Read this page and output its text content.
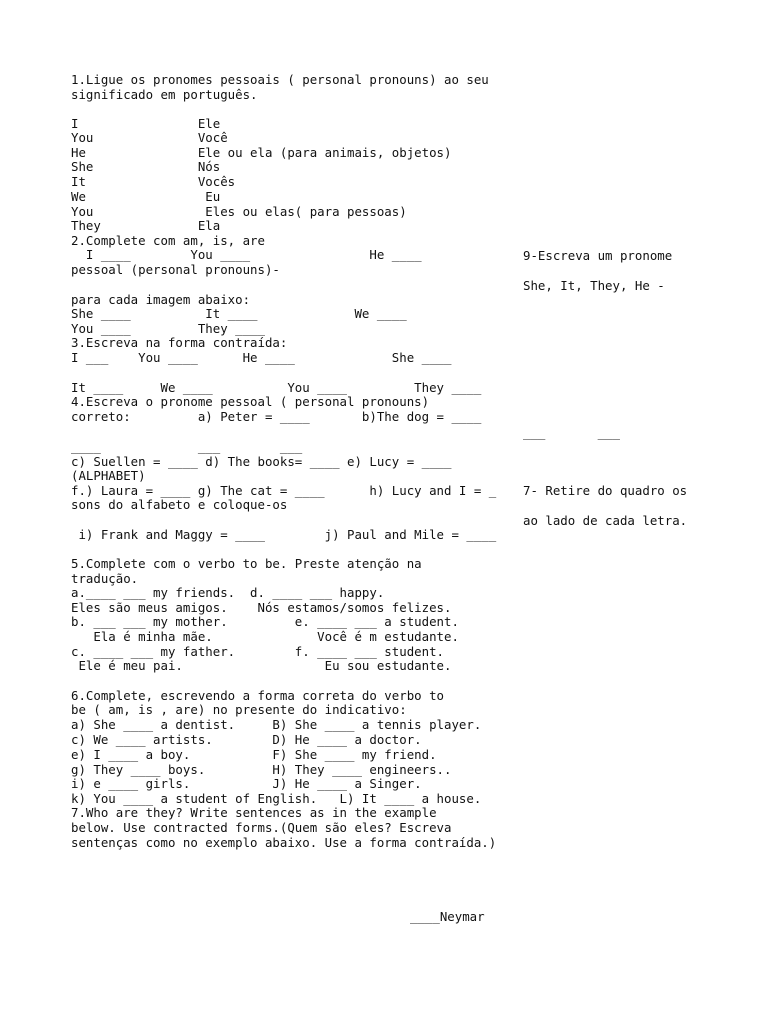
1.Ligue os pronomes pessoais ( personal pronouns) ao seu

significado em português.

I                Ele

You              Você

He               Ele ou ela (para animais, objetos)

She              Nós

It               Vocês

We                Eu

You               Eles ou elas( para pessoas)

They             Ela

2.Complete com am, is, are

I ____        You ____                He ____

pessoal (personal pronouns)-

para cada imagem abaixo:

She ____          It ____             We ____

You ____         They ____

3.Escreva na forma contraída:

I ___    You ____      He ____             She ____

It ____     We ____          You ____         They ____

4.Escreva o pronome pessoal ( personal pronouns)

correto:         a) Peter = ____       b)The dog = ____

____             ___        ___

c) Suellen = ____ d) The books= ____ e) Lucy = ____

(ALPHABET)

f.) Laura = ____ g) The cat = ____      h) Lucy and I = _

sons do alfabeto e coloque-os

i) Frank and Maggy = ____        j) Paul and Mile = ____

5.Complete com o verbo to be. Preste atenção na

tradução.

a.____ ___ my friends.  d. ____ ___ happy.

Eles são meus amigos.    Nós estamos/somos felizes.

b. ___ ___ my mother.         e. ____ ___ a student.

Ela é minha mãe.              Você é m estudante.

c. ____ ___ my father.        f. ____ ___ student.

Ele é meu pai.                   Eu sou estudante.

6.Complete, escrevendo a forma correta do verbo to

be ( am, is , are) no presente do indicativo:

a) She ____ a dentist.     B) She ____ a tennis player.

c) We ____ artists.        D) He ____ a doctor.

e) I ____ a boy.           F) She ____ my friend.

g) They ____ boys.         H) They ____ engineers..

i) e ____ girls.           J) He ____ a Singer.

k) You ____ a student of English.   L) It ____ a house.

7.Who are they? Write sentences as in the example

below. Use contracted forms.(Quem são eles? Escreva

sentenças como no exemplo abaixo. Use a forma contraída.)

9-Escreva um pronome

She, It, They, He -

___       ___

7- Retire do quadro os

ao lado de cada letra.

____Neymar
